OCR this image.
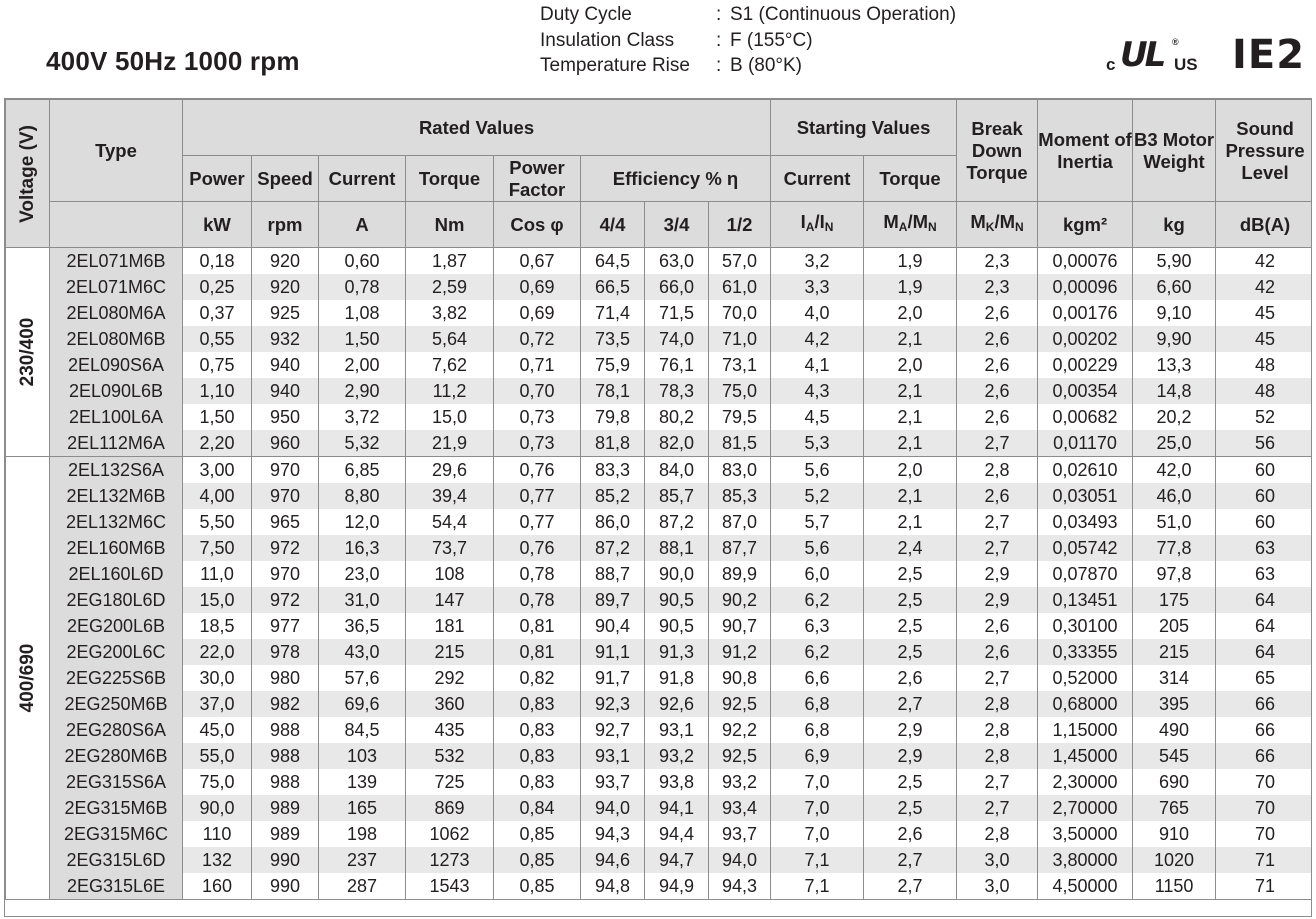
400V 50Hz 1000 rpm
Duty Cycle	: S1 (Continuous Operation)
Insulation Class	: F (155°C)
Temperature Rise	: B (80°K)	c UL ®
US IE2
Voltage (V)	Type	Rated Values								Starting Values		Break Down Torque	Moment of Inertia	B3 Motor Weight	Sound Pressure Level
		Power	Speed	Current	Torque	Power Factor	Efficiency % η			Current	Torque				
		kW	rpm	A	Nm	Cos φ	4/4	3/4	1/2	$I_A/I_N$	$M_A/M_N$	$M_K/M_N$	kgm²	kg	dB(A)

230/400	2EL071M6B	0,18	920	0,60	1,87	0,67	64,5	63,0	57,0	3,2	1,9	2,3	0,00076	5,90	42
	2EL071M6C	0,25	920	0,78	2,59	0,69	66,5	66,0	61,0	3,3	1,9	2,3	0,00096	6,60	42
	2EL080M6A	0,37	925	1,08	3,82	0,69	71,4	71,5	70,0	4,0	2,0	2,6	0,00176	9,10	45
	2EL080M6B	0,55	932	1,50	5,64	0,72	73,5	74,0	71,0	4,2	2,1	2,6	0,00202	9,90	45
	2EL090S6A	0,75	940	2,00	7,62	0,71	75,9	76,1	73,1	4,1	2,0	2,6	0,00229	13,3	48
	2EL090L6B	1,10	940	2,90	11,2	0,70	78,1	78,3	75,0	4,3	2,1	2,6	0,00354	14,8	48
	2EL100L6A	1,50	950	3,72	15,0	0,73	79,8	80,2	79,5	4,5	2,1	2,6	0,00682	20,2	52
	2EL112M6A	2,20	960	5,32	21,9	0,73	81,8	82,0	81,5	5,3	2,1	2,7	0,01170	25,0	56

400/690	2EL132S6A	3,00	970	6,85	29,6	0,76	83,3	84,0	83,0	5,6	2,0	2,8	0,02610	42,0	60
	2EL132M6B	4,00	970	8,80	39,4	0,77	85,2	85,7	85,3	5,2	2,1	2,6	0,03051	46,0	60
	2EL132M6C	5,50	965	12,0	54,4	0,77	86,0	87,2	87,0	5,7	2,1	2,7	0,03493	51,0	60
	2EL160M6B	7,50	972	16,3	73,7	0,76	87,2	88,1	87,7	5,6	2,4	2,7	0,05742	77,8	63
	2EL160L6D	11,0	970	23,0	108	0,78	88,7	90,0	89,9	6,0	2,5	2,9	0,07870	97,8	63
	2EG180L6D	15,0	972	31,0	147	0,78	89,7	90,5	90,2	6,2	2,5	2,9	0,13451	175	64
	2EG200L6B	18,5	977	36,5	181	0,81	90,4	90,5	90,7	6,3	2,5	2,6	0,30100	205	64
	2EG200L6C	22,0	978	43,0	215	0,81	91,1	91,3	91,2	6,2	2,5	2,6	0,33355	215	64
	2EG225S6B	30,0	980	57,6	292	0,82	91,7	91,8	90,8	6,6	2,6	2,7	0,52000	314	65
	2EG250M6B	37,0	982	69,6	360	0,83	92,3	92,6	92,5	6,8	2,7	2,8	0,68000	395	66
	2EG280S6A	45,0	988	84,5	435	0,83	92,7	93,1	92,2	6,8	2,9	2,8	1,15000	490	66
	2EG280M6B	55,0	988	103	532	0,83	93,1	93,2	92,5	6,9	2,9	2,8	1,45000	545	66
	2EG315S6A	75,0	988	139	725	0,83	93,7	93,8	93,2	7,0	2,5	2,7	2,30000	690	70
	2EG315M6B	90,0	989	165	869	0,84	94,0	94,1	93,4	7,0	2,5	2,7	2,70000	765	70
	2EG315M6C	110	989	198	1062	0,85	94,3	94,4	93,7	7,0	2,6	2,8	3,50000	910	70
	2EG315L6D	132	990	237	1273	0,85	94,6	94,7	94,0	7,1	2,7	3,0	3,80000	1020	71
	2EG315L6E	160	990	287	1543	0,85	94,8	94,9	94,3	7,1	2,7	3,0	4,50000	1150	71
